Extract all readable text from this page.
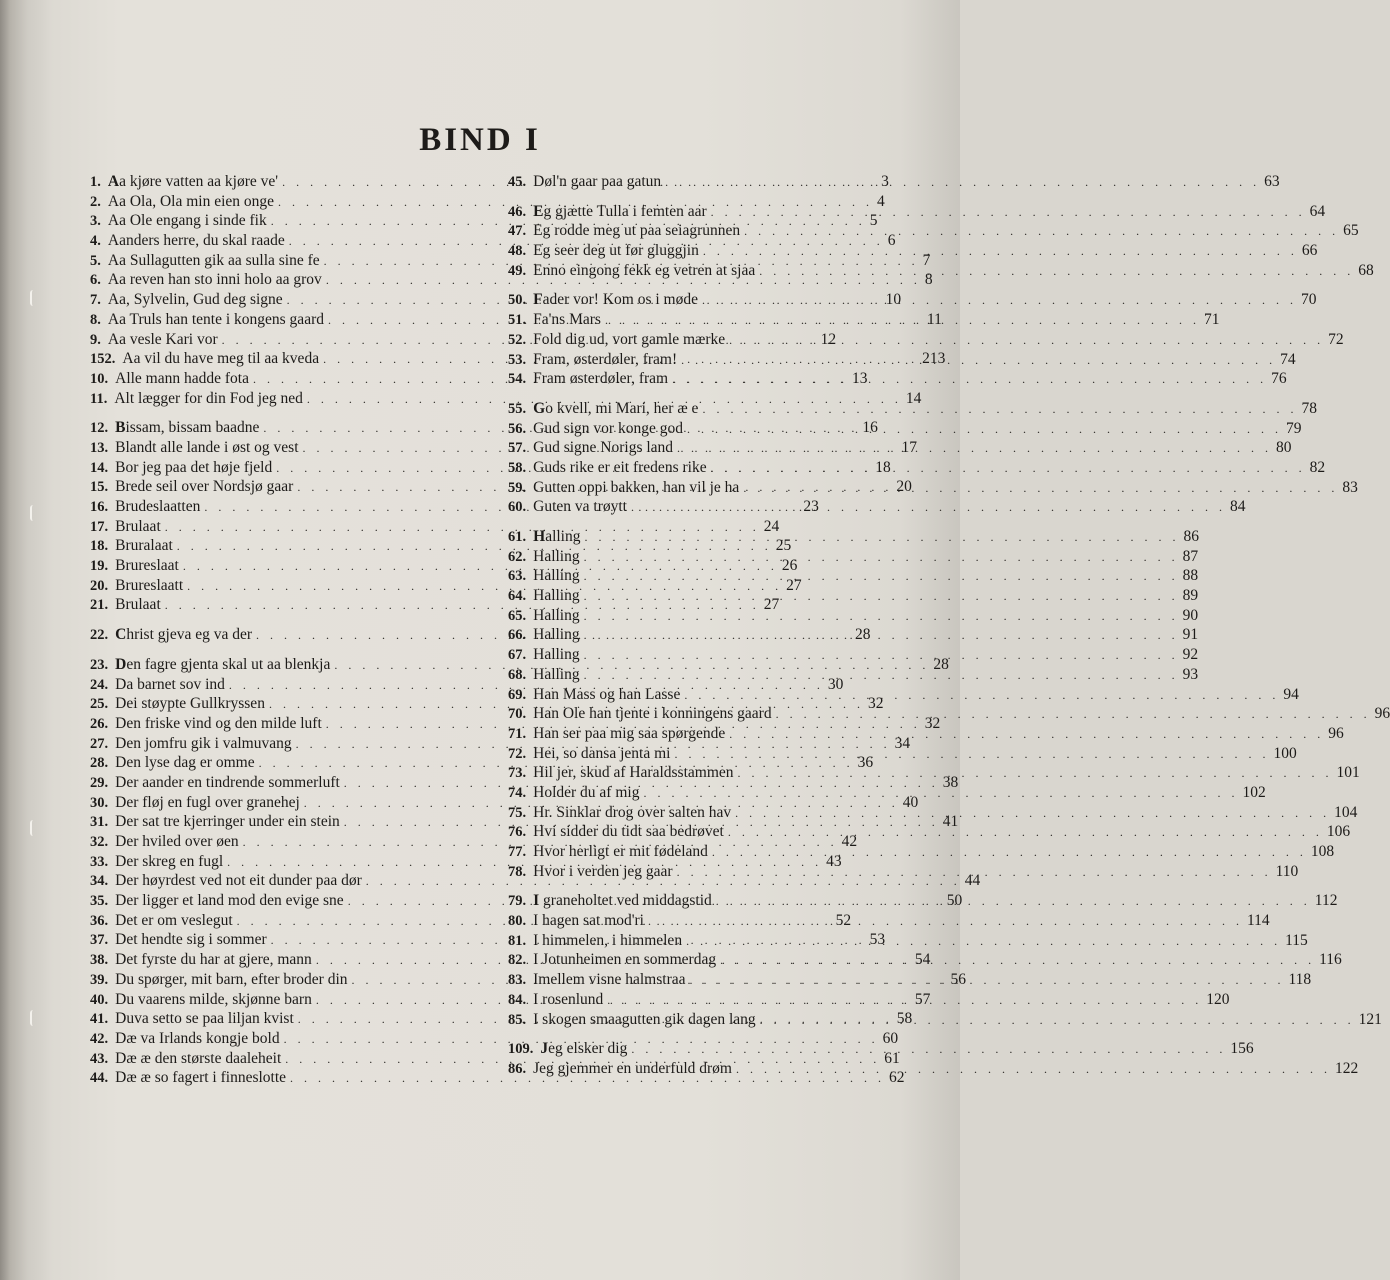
BIND I
1. Aa kjøre vatten aa kjøre ve' . . .	3
2. Aa Ola, Ola min eien onge . . .	4
3. Aa Ole engang i sinde fik . . .	5
4. Aanders herre, du skal raade . . .	6
5. Aa Sullagutten gik aa sulla sine fe . . .	7
6. Aa reven han sto inni holo aa grov . . .	8
7. Aa, Sylvelin, Gud deg signe . . .	10
8. Aa Truls han tente i kongens gaard . . .	11
9. Aa vesle Kari vor . . .	12
152. Aa vil du have meg til aa kveda . . .	213
10. Alle mann hadde fota . . .	13
11. Alt lægger for din Fod jeg ned . . .	14
12. Bissam, bissam baadne . . .	16
13. Blandt alle lande i øst og vest . . .	17
14. Bor jeg paa det høje fjeld . . .	18
15. Brede seil over Nordsjø gaar . . .	20
16. Brudeslaatten . . .	23
17. Brulaat . . .	24
18. Bruralaat . . .	25
19. Brureslaat . . .	26
20. Brureslaatt . . .	27
21. Brulaat . . .	27
22. Christ gjeva eg va der . . .	28
23. Den fagre gjenta skal ut aa blenkja . . .	28
24. Da barnet sov ind . . .	30
25. Dei støypte Gullkryssen . . .	32
26. Den friske vind og den milde luft . . .	32
27. Den jomfru gik i valmuvang . . .	34
28. Den lyse dag er omme . . .	36
29. Der aander en tindrende sommerluft . . .	38
30. Der fløj en fugl over granehej . . .	40
31. Der sat tre kjerringer under ein stein . . .	41
32. Der hviled over øen . . .	42
33. Der skreg en fugl . . .	43
34. Der høyrdest ved not eit dunder paa dør . . .	44
35. Der ligger et land mod den evige sne . . .	50
36. Det er om veslegut . . .	52
37. Det hendte sig i sommer . . .	53
38. Det fyrste du har at gjere, mann . . .	54
39. Du spørger, mit barn, efter broder din . . .	56
40. Du vaarens milde, skjønne barn . . .	57
41. Duva setto se paa liljan kvist . . .	58
42. Dæ va Irlands kongje bold . . .	60
43. Dæ æ den største daaleheit . . .	61
44. Dæ æ so fagert i finneslotte . . .	62
45. Døl'n gaar paa gatun . . .	63
46. Eg gjætte Tulla i femten aar . . .	64
47. Eg rodde meg ut paa seiagrunnen . . .	65
48. Eg seer deg ut før gluggjin . . .	66
49. Enno eingong fekk eg vetren at sjaa . . .	68
50. Fader vor! Kom os i møde . . .	70
51. Fa'ns Mars . . .	71
52. Fold dig ud, vort gamle mærke . . .	72
53. Fram, østerdøler, fram! . . .	74
54. Fram østerdøler, fram . . .	76
55. Go kvell, mi Mari, her æ e . . .	78
56. Gud sign vor konge god . . .	79
57. Gud signe Norigs land . . .	80
58. Guds rike er eit fredens rike . . .	82
59. Gutten oppi bakken, han vil je ha . . .	83
60. Guten va trøytt . . .	84
61. Halling . . .	86
62. Halling . . .	87
63. Halling . . .	88
64. Halling . . .	89
65. Halling . . .	90
66. Halling . . .	91
67. Halling . . .	92
68. Halling . . .	93
69. Han Mass og han Lasse . . .	94
70. Han Ole han tjente i konningens gaard . . .	96
71. Han ser paa mig saa spørgende . . .	96
72. Hei, so dansa jenta mi . . .	100
73. Hil jer, skud af Haraldsstammen . . .	101
74. Holder du af mig . . .	102
75. Hr. Sinklar drog over salten hav . . .	104
76. Hvi sidder du tidt saa bedrøvet . . .	106
77. Hvor herligt er mit fødeland . . .	108
78. Hvor i verden jeg gaar . . .	110
79. I graneholtet ved middagstid . . .	112
80. I hagen sat mod'ri . . .	114
81. I himmelen, i himmelen . . .	115
82. I Jotunheimen en sommerdag . . .	116
83. Imellem visne halmstraa . . .	118
84. I rosenlund . . .	120
85. I skogen smaagutten gik dagen lang . . .	121
109. Jeg elsker dig . . .	156
86. Jeg gjemmer en underfuld drøm . . .	122
